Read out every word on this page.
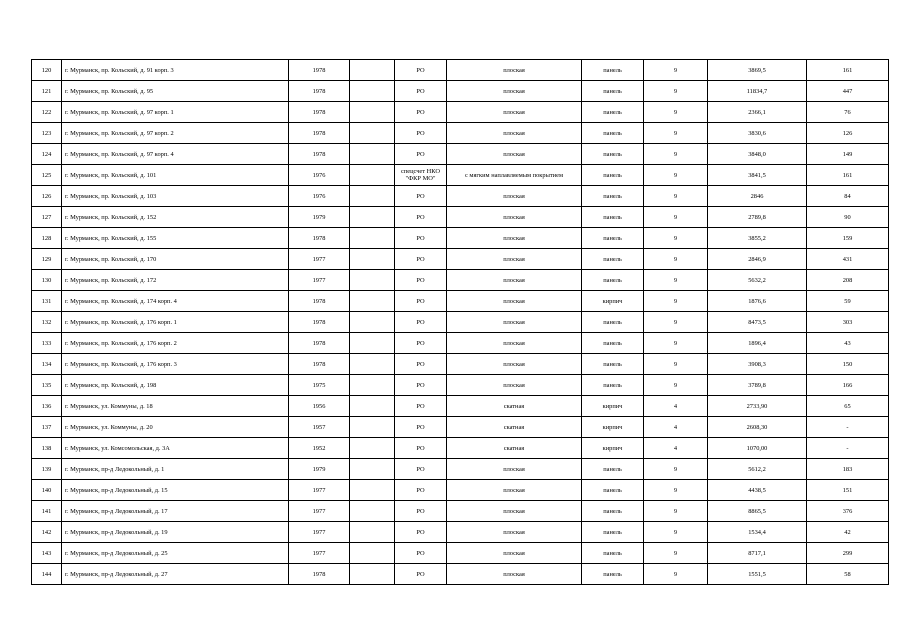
120	г. Мурманск, пр. Кольский, д. 91 корп. 3	1978		РО	плоская	панель	9	3869,5	161
121	г. Мурманск, пр. Кольский, д. 95	1978		РО	плоская	панель	9	11834,7	447
122	г. Мурманск, пр. Кольский, д. 97 корп. 1	1978		РО	плоская	панель	9	2366,1	76
123	г. Мурманск, пр. Кольский, д. 97 корп. 2	1978		РО	плоская	панель	9	3830,6	126
124	г. Мурманск, пр. Кольский, д. 97 корп. 4	1978		РО	плоская	панель	9	3848,0	149
125	г. Мурманск, пр. Кольский, д. 101	1976		спецсчет НКО "ФКР МО"	с мягким наплавляемым покрытием	панель	9	3841,5	161
126	г. Мурманск, пр. Кольский, д. 103	1976		РО	плоская	панель	9	2846	84
127	г. Мурманск, пр. Кольский, д. 152	1979		РО	плоская	панель	9	2789,8	90
128	г. Мурманск, пр. Кольский, д. 155	1978		РО	плоская	панель	9	3855,2	159
129	г. Мурманск, пр. Кольский, д. 170	1977		РО	плоская	панель	9	2846,9	431
130	г. Мурманск, пр. Кольский, д. 172	1977		РО	плоская	панель	9	5632,2	208
131	г. Мурманск, пр. Кольский, д. 174 корп. 4	1978		РО	плоская	кирпич	9	1876,6	59
132	г. Мурманск, пр. Кольский, д. 176 корп. 1	1978		РО	плоская	панель	9	8473,5	303
133	г. Мурманск, пр. Кольский, д. 176 корп. 2	1978		РО	плоская	панель	9	1896,4	43
134	г. Мурманск, пр. Кольский, д. 176 корп. 3	1978		РО	плоская	панель	9	3908,3	150
135	г. Мурманск, пр. Кольский, д. 198	1975		РО	плоская	панель	9	3789,8	166
136	г. Мурманск, ул. Коммуны, д. 18	1956		РО	скатная	кирпич	4	2733,90	65
137	г. Мурманск, ул. Коммуны, д. 20	1957		РО	скатная	кирпич	4	2608,30	-
138	г. Мурманск, ул. Комсомольская, д. 3А	1952		РО	скатная	кирпич	4	1070,00	-
139	г. Мурманск, пр-д Ледокольный, д. 1	1979		РО	плоская	панель	9	5612,2	183
140	г. Мурманск, пр-д Ледокольный, д. 15	1977		РО	плоская	панель	9	4438,5	151
141	г. Мурманск, пр-д Ледокольный, д. 17	1977		РО	плоская	панель	9	8865,5	376
142	г. Мурманск, пр-д Ледокольный, д. 19	1977		РО	плоская	панель	9	1534,4	42
143	г. Мурманск, пр-д Ледокольный, д. 25	1977		РО	плоская	панель	9	8717,1	299
144	г. Мурманск, пр-д Ледокольный, д. 27	1978		РО	плоская	панель	9	1551,5	58
